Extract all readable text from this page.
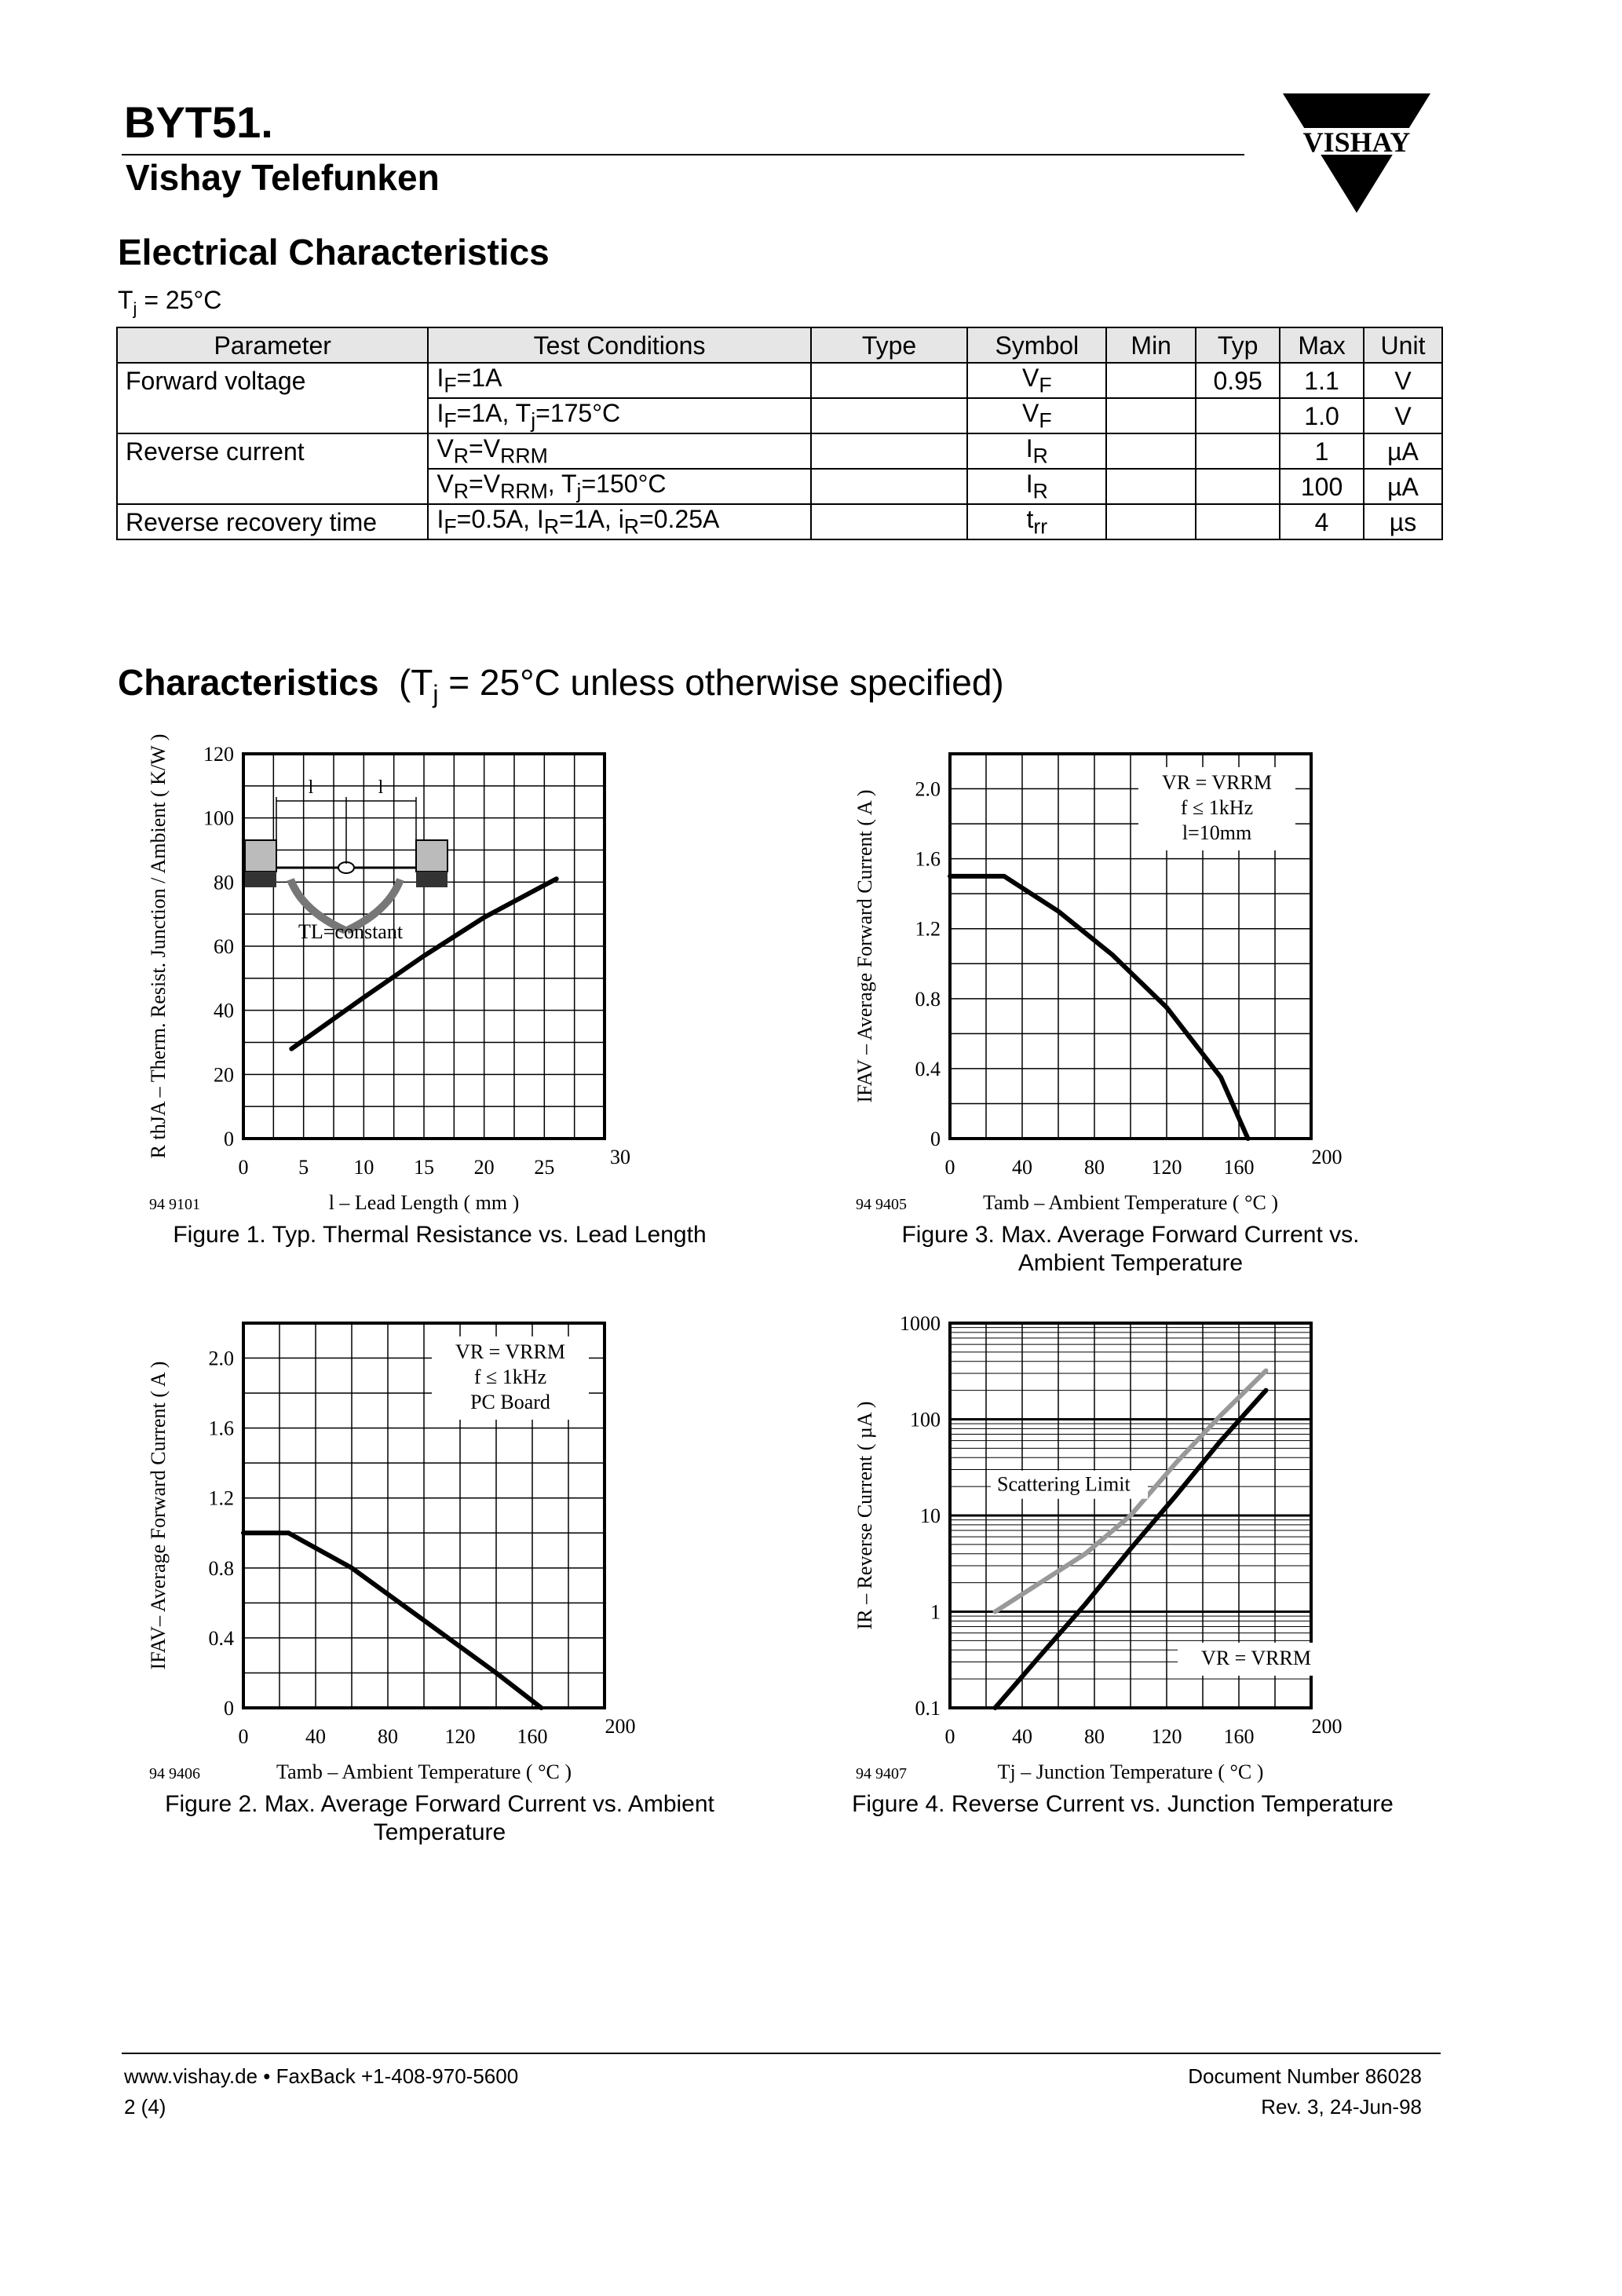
BYT51.
Vishay Telefunken
VISHAY
Electrical Characteristics
$T_j = 25^\circ C$
Parameter	Test Conditions	Type	Symbol	Min	Typ	Max	Unit
Forward voltage	$I_F=1A$		$V_F$		0.95	1.1	V
	$I_F=1A$, $T_j=175^\circ C$		$V_F$			1.0	V
Reverse current	$V_R=V_{RRM}$		$I_R$			1	µA
	$V_R=V_{RRM}$, $T_j=150^\circ C$		$I_R$			100	µA
Reverse recovery time	$I_F=0.5A$, $I_R=1A$, $i_R=0.25A$		$t_{rr}$			4	µs
Characteristics ($T_j = 25^\circ C$ unless otherwise specified)
0 5 10 15 20 25	30
0
20
40
60
80
100
120
l – Lead Length ( mm )
R thJA – Therm. Resist. Junction / Ambient ( K/W )
94 9101
l	l
TL=constant
0	40	80 120 160	200
0
0.4
0.8
1.2
1.6
2.0
Tamb – Ambient Temperature ( °C )
IFAV – Average Forward Current ( A )
94 9405
VR = VRRM
f ≤ 1kHz
l=10mm
0	40	80 120 160	200
0
0.4
0.8
1.2
1.6
2.0
Tamb – Ambient Temperature ( °C )
IFAV– Average Forward Current ( A )
94 9406
VR = VRRM
f ≤ 1kHz
PC Board
0	40	80 120 160	200
0.1
1
10
100
1000
Tj – Junction Temperature ( °C )
IR – Reverse Current ( µA )
94 9407
VR = VRRM
Scattering Limit
Figure 1. Typ. Thermal Resistance vs. Lead Length	Figure 3. Max. Average Forward Current vs. Ambient Temperature
Figure 2. Max. Average Forward Current vs. Ambient Temperature
Figure 4. Reverse Current vs. Junction Temperature
www.vishay.de • FaxBack +1-408-970-5600
2 (4)
Document Number 86028
Rev. 3, 24-Jun-98
